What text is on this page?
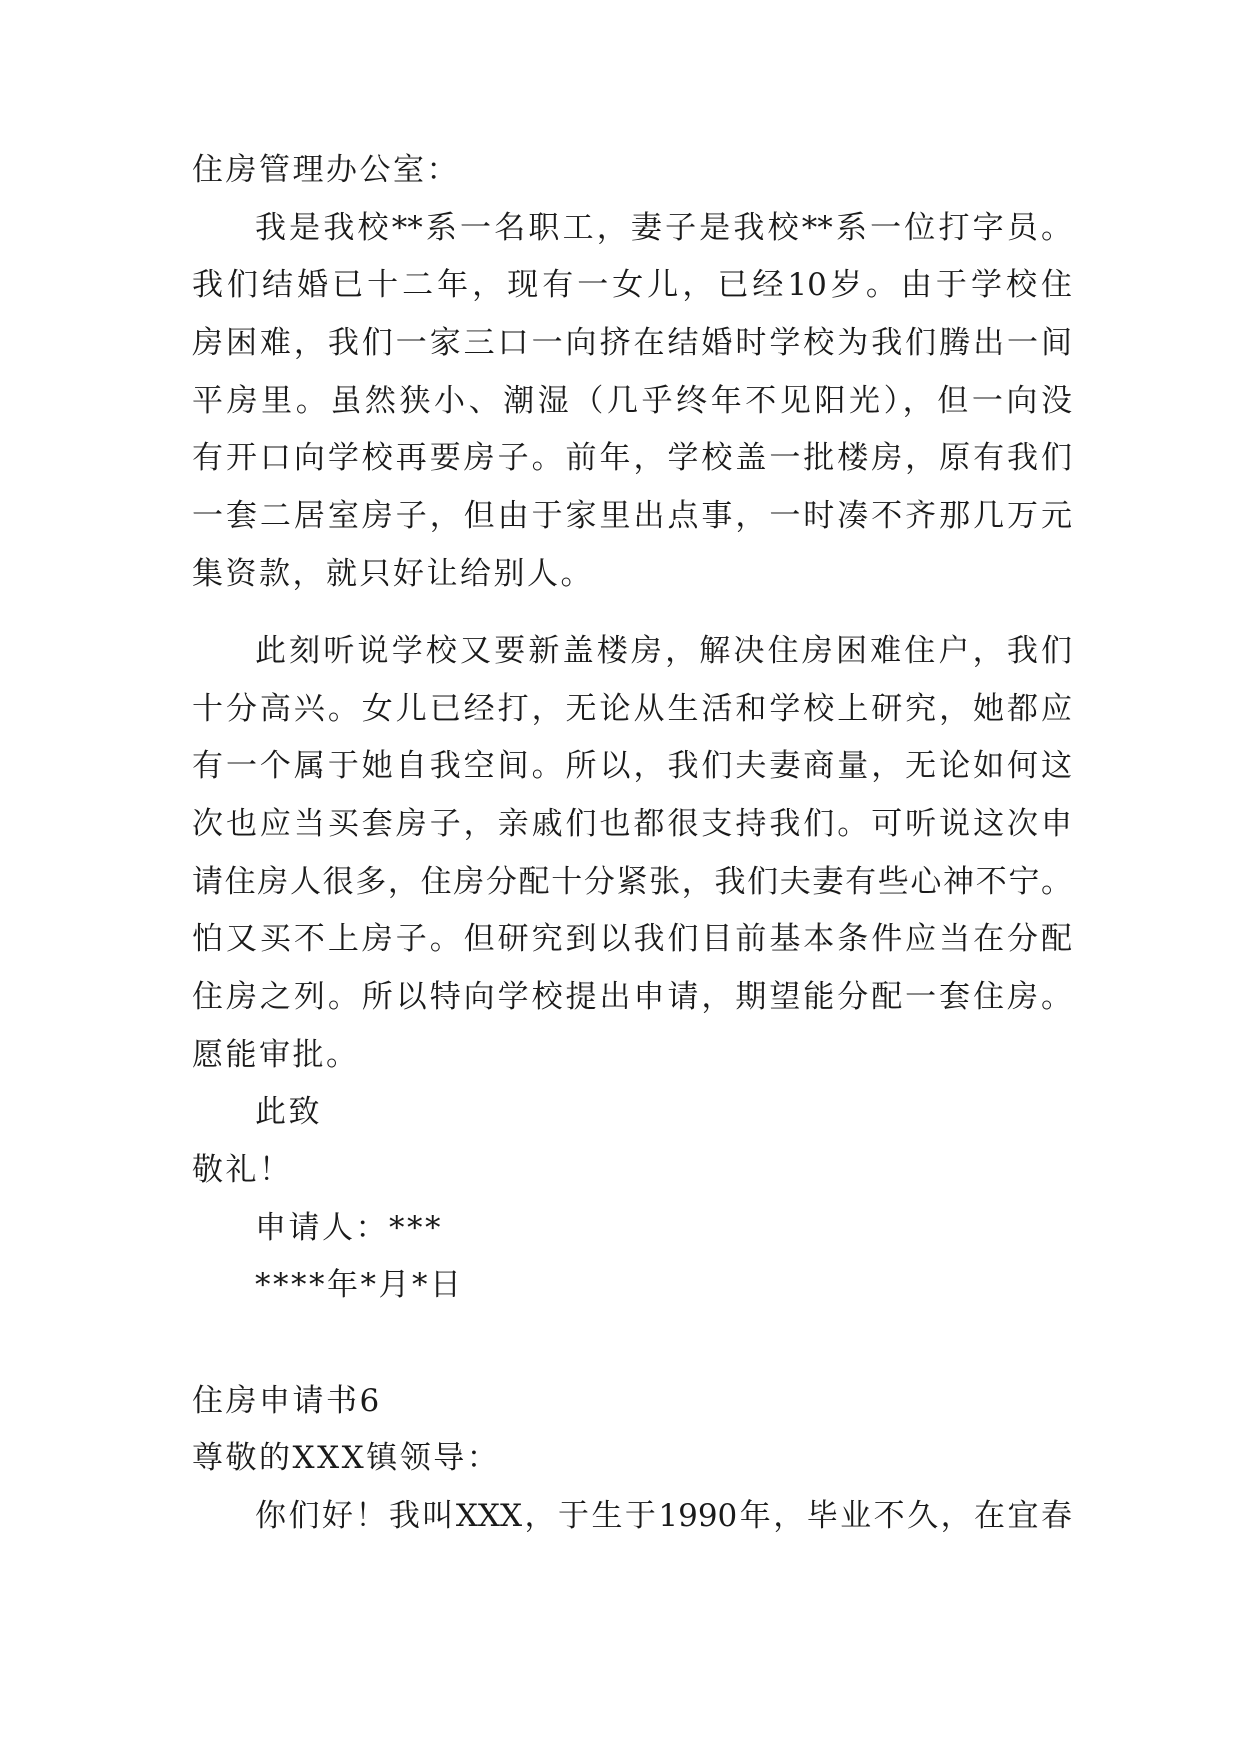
住房管理办公室：
我是我校**系一名职工，妻子是我校**系一位打字员。
我们结婚已十二年，现有一女儿，已经10岁。由于学校住
房困难，我们一家三口一向挤在结婚时学校为我们腾出一间
平房里。虽然狭小、潮湿（几乎终年不见阳光），但一向没
有开口向学校再要房子。前年，学校盖一批楼房，原有我们
一套二居室房子，但由于家里出点事，一时凑不齐那几万元
集资款，就只好让给别人。
此刻听说学校又要新盖楼房，解决住房困难住户，我们
十分高兴。女儿已经打，无论从生活和学校上研究，她都应
有一个属于她自我空间。所以，我们夫妻商量，无论如何这
次也应当买套房子，亲戚们也都很支持我们。可听说这次申
请住房人很多，住房分配十分紧张，我们夫妻有些心神不宁。
怕又买不上房子。但研究到以我们目前基本条件应当在分配
住房之列。所以特向学校提出申请，期望能分配一套住房。
愿能审批。
此致
敬礼！
申请人：***
****年*月*日
住房申请书6
尊敬的XXX镇领导：
你们好！我叫XXX，于生于1990年，毕业不久，在宜春
